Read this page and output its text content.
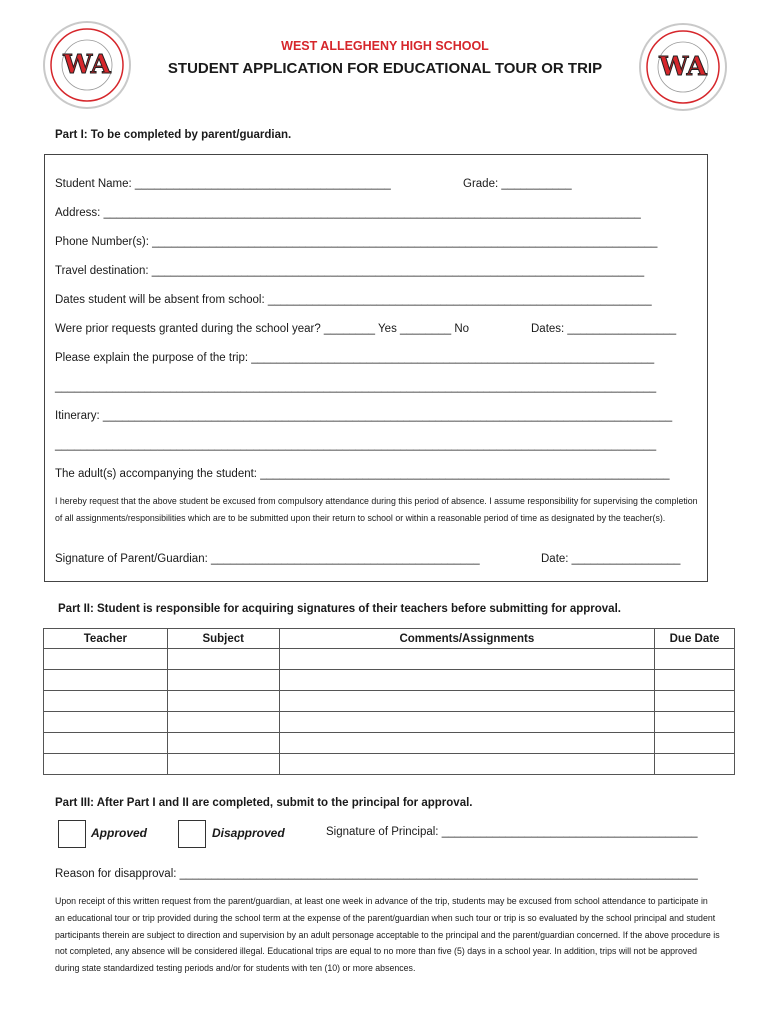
WA	WA
WEST ALLEGHENY HIGH SCHOOL
STUDENT APPLICATION FOR EDUCATIONAL TOUR OR TRIP
Part I: To be completed by parent/guardian.
Student Name: ________________________________________	Grade: ___________
Address: ____________________________________________________________________________________
Phone Number(s): _______________________________________________________________________________
Travel destination: _____________________________________________________________________________
Dates student will be absent from school: ____________________________________________________________
Were prior requests granted during the school year? ________ Yes ________ No	Dates: _________________
Please explain the purpose of the trip: _______________________________________________________________
______________________________________________________________________________________________
Itinerary: _________________________________________________________________________________________
______________________________________________________________________________________________
The adult(s) accompanying the student: ________________________________________________________________
I hereby request that the above student be excused from compulsory attendance during this period of absence. I assume responsibility for supervising the completion of all assignments/responsibilities which are to be submitted upon their return to school or within a reasonable period of time as designated by the teacher(s).
Signature of Parent/Guardian: __________________________________________	Date: _________________
Part II: Student is responsible for acquiring signatures of their teachers before submitting for approval.
Teacher	Subject	Comments/Assignments	Due Date

Part III: After Part I and II are completed, submit to the principal for approval.
Approved	Disapproved	Signature of Principal: ________________________________________
Reason for disapproval: _________________________________________________________________________________
Upon receipt of this written request from the parent/guardian, at least one week in advance of the trip, students may be excused from school attendance to participate in an educational tour or trip provided during the school term at the expense of the parent/guardian when such tour or trip is so evaluated by the school principal and student participants therein are subject to direction and supervision by an adult personage acceptable to the principal and the parent/guardian concerned. If the above procedure is not completed, any absence will be considered illegal. Educational trips are equal to no more than five (5) days in a school year. In addition, trips will not be approved during state standardized testing periods and/or for students with ten (10) or more absences.
